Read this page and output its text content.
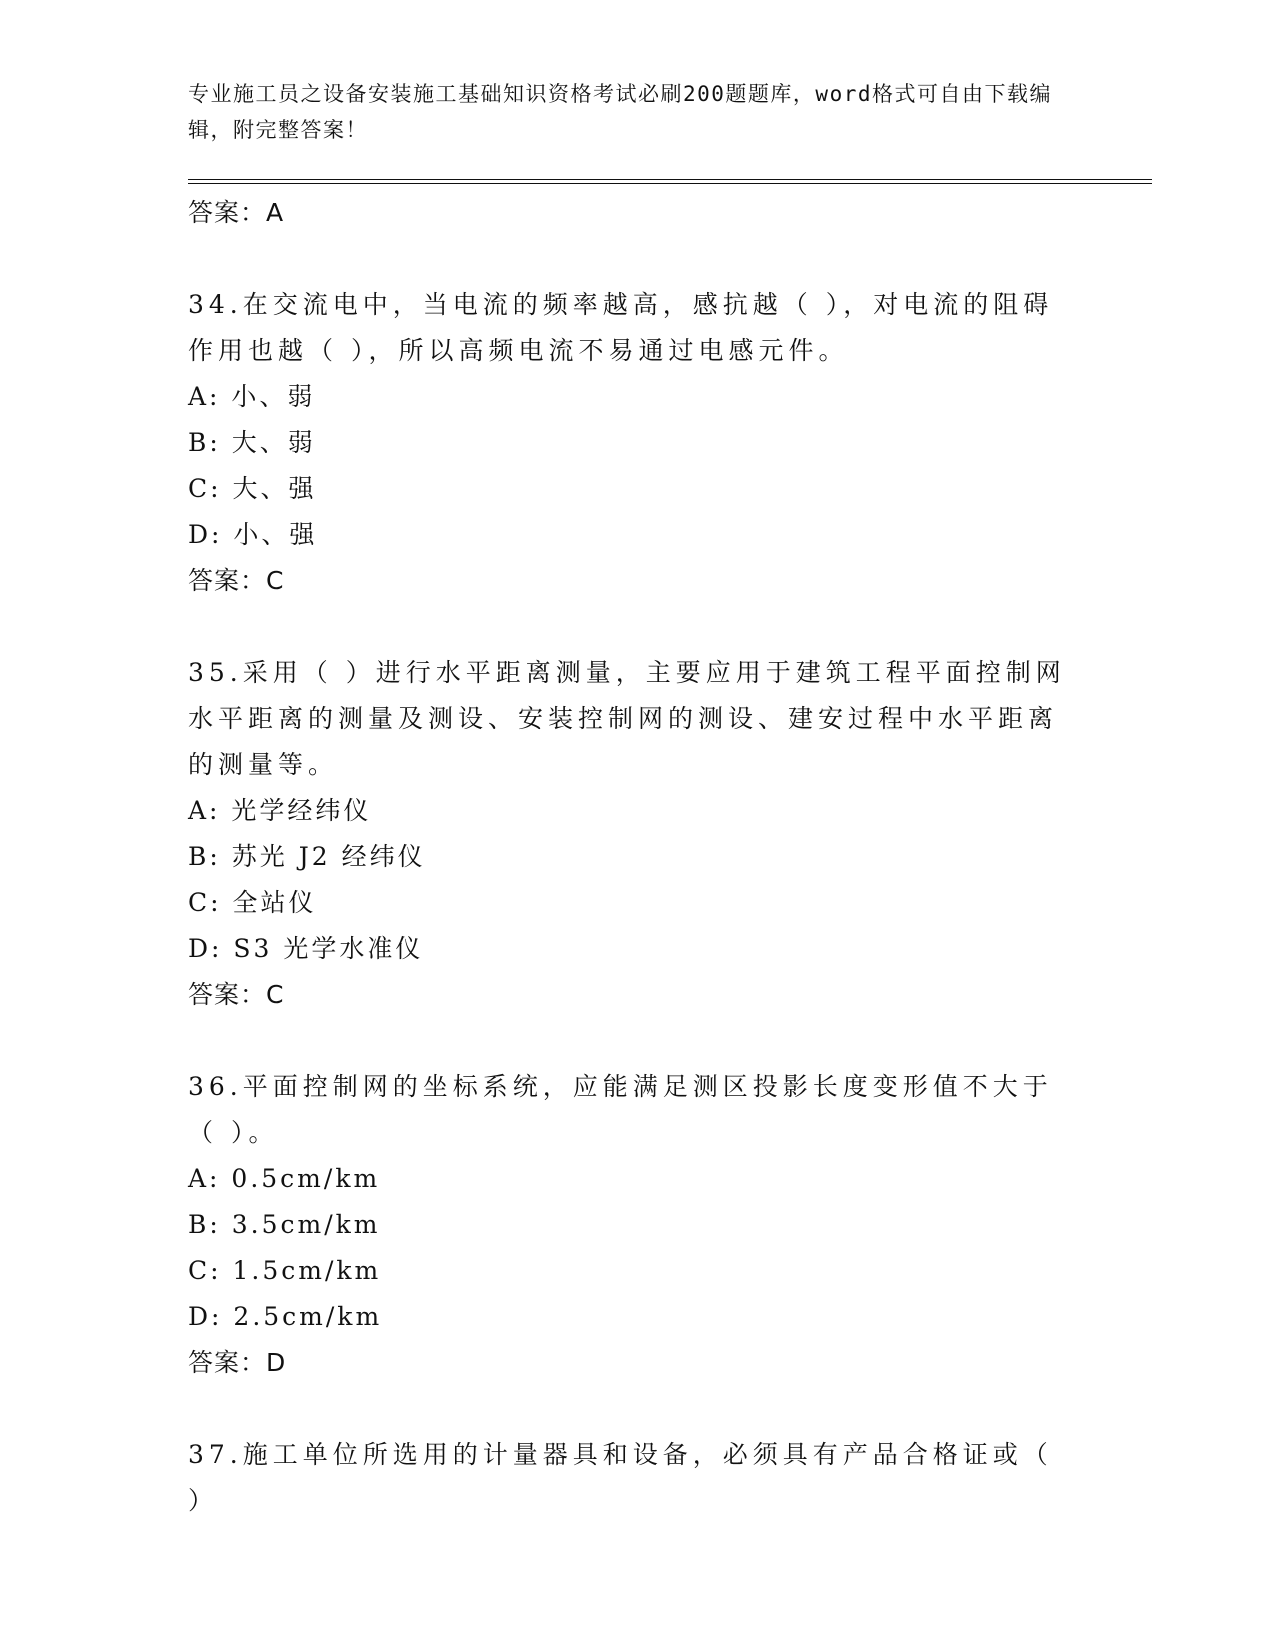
专业施工员之设备安装施工基础知识资格考试必刷200题题库，word格式可自由下载编辑，附完整答案！
答案：A
34.在交流电中，当电流的频率越高，感抗越（ ），对电流的阻碍作用也越（ ），所以高频电流不易通过电感元件。
A: 小、弱
B: 大、弱
C: 大、强
D: 小、强
答案：C
35.采用（ ）进行水平距离测量，主要应用于建筑工程平面控制网水平距离的测量及测设、安装控制网的测设、建安过程中水平距离的测量等。
A: 光学经纬仪
B: 苏光 J2 经纬仪
C: 全站仪
D: S3 光学水准仪
答案：C
36.平面控制网的坐标系统，应能满足测区投影长度变形值不大于（ ）。
A: 0.5cm/km
B: 3.5cm/km
C: 1.5cm/km
D: 2.5cm/km
答案：D
37.施工单位所选用的计量器具和设备，必须具有产品合格证或（ ）
